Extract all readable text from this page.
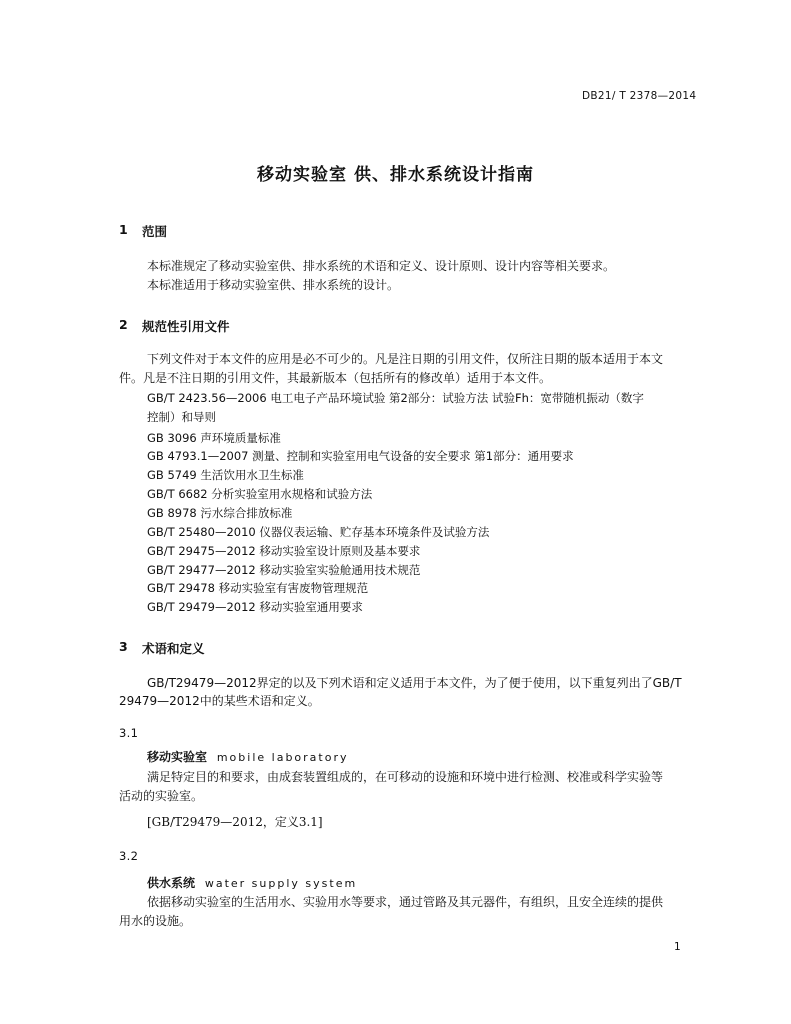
DB21/ T 2378—2014
移动实验室 供、排水系统设计指南
1 范围
本标准规定了移动实验室供、排水系统的术语和定义、设计原则、设计内容等相关要求。
本标准适用于移动实验室供、排水系统的设计。
2 规范性引用文件
下列文件对于本文件的应用是必不可少的。凡是注日期的引用文件，仅所注日期的版本适用于本文
件。凡是不注日期的引用文件，其最新版本（包括所有的修改单）适用于本文件。
GB/T 2423.56—2006 电工电子产品环境试验 第2部分：试验方法 试验Fh：宽带随机振动（数字
控制）和导则
GB 3096 声环境质量标准
GB 4793.1—2007 测量、控制和实验室用电气设备的安全要求 第1部分：通用要求
GB 5749 生活饮用水卫生标准
GB/T 6682 分析实验室用水规格和试验方法
GB 8978 污水综合排放标准
GB/T 25480—2010 仪器仪表运输、贮存基本环境条件及试验方法
GB/T 29475—2012 移动实验室设计原则及基本要求
GB/T 29477—2012 移动实验室实验舱通用技术规范
GB/T 29478 移动实验室有害废物管理规范
GB/T 29479—2012 移动实验室通用要求
3 术语和定义
GB/T29479—2012界定的以及下列术语和定义适用于本文件，为了便于使用，以下重复列出了GB/T
29479—2012中的某些术语和定义。
3.1
移动实验室 mobile laboratory
满足特定目的和要求，由成套装置组成的，在可移动的设施和环境中进行检测、校准或科学实验等
活动的实验室。
[GB/T29479—2012，定义3.1]
3.2
供水系统 water supply system
依据移动实验室的生活用水、实验用水等要求，通过管路及其元器件，有组织，且安全连续的提供
用水的设施。
1
